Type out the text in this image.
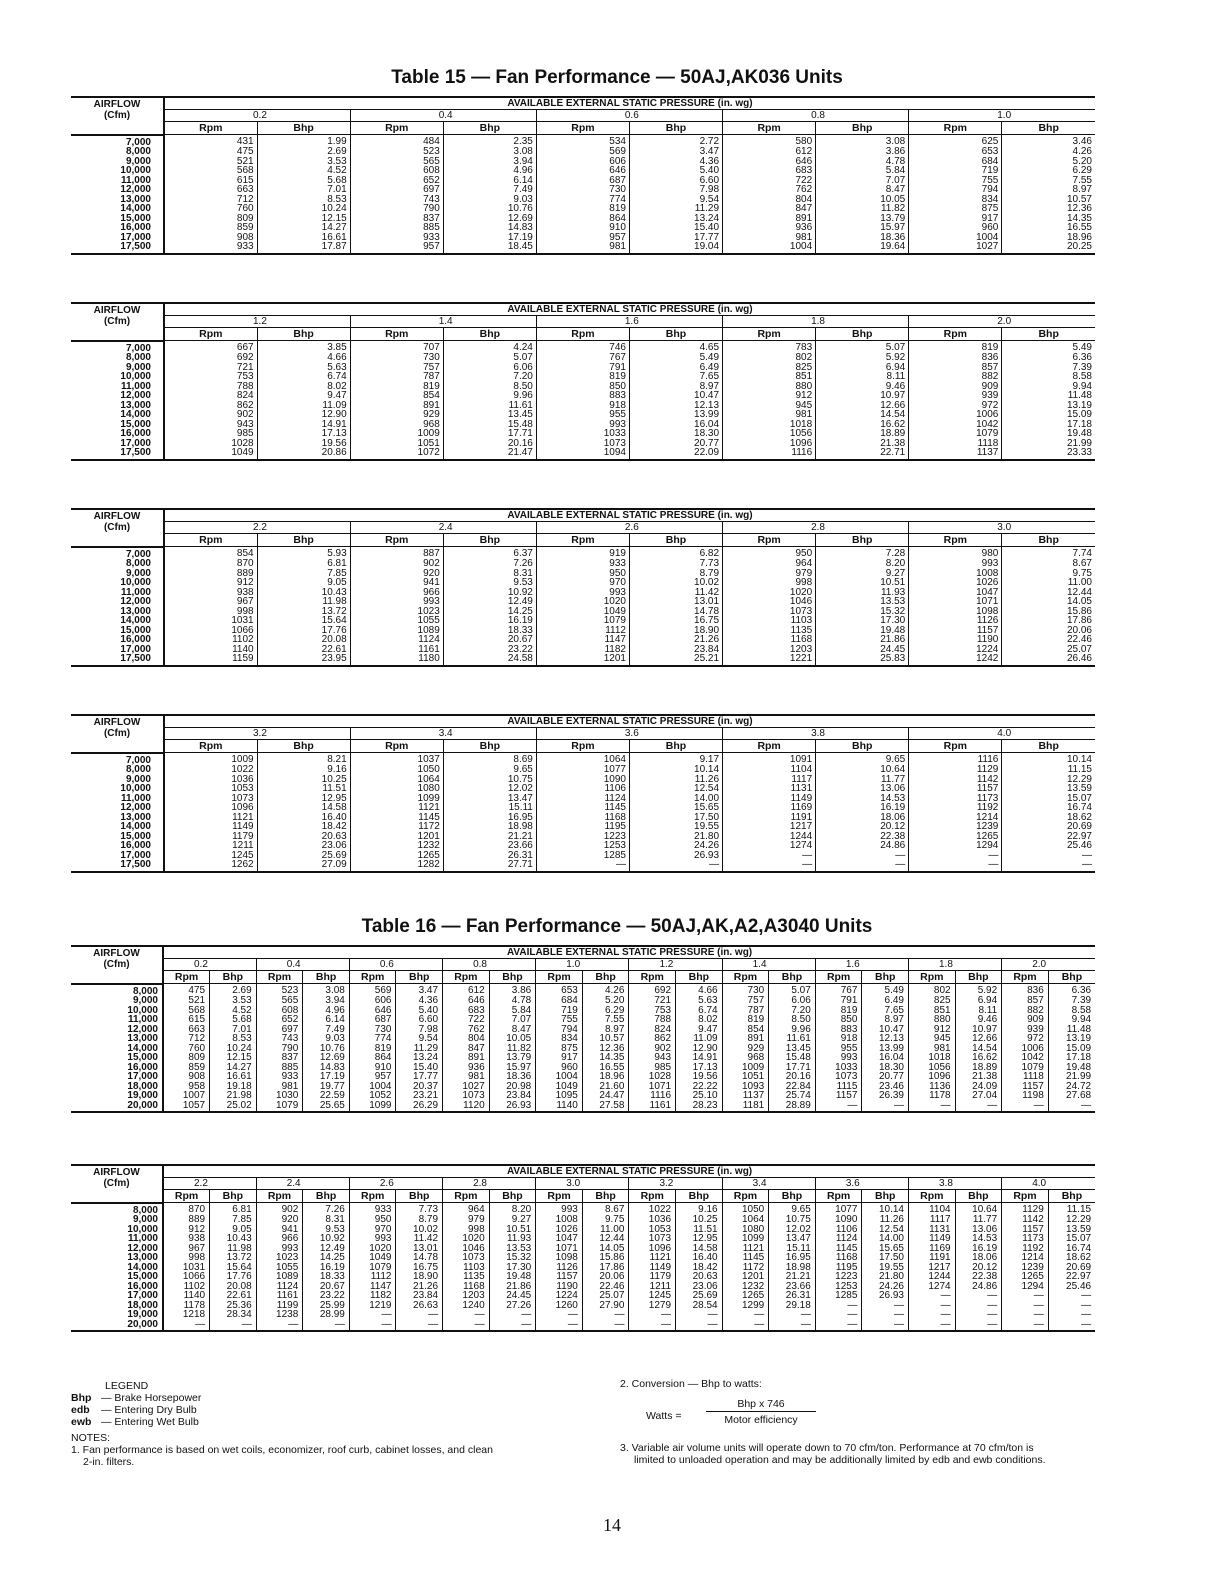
Table 15 — Fan Performance — 50AJ,AK036 Units
AIRFLOW
(Cfm)	AVAILABLE EXTERNAL STATIC PRESSURE (in. wg)									
	0.2		0.4		0.6		0.8		1.0	
	Rpm	Bhp	Rpm	Bhp	Rpm	Bhp	Rpm	Bhp	Rpm	Bhp
7,000	431	1.99	484	2.35	534	2.72	580	3.08	625	3.46
8,000	475	2.69	523	3.08	569	3.47	612	3.86	653	4.26
9,000	521	3.53	565	3.94	606	4.36	646	4.78	684	5.20
10,000	568	4.52	608	4.96	646	5.40	683	5.84	719	6.29
11,000	615	5.68	652	6.14	687	6.60	722	7.07	755	7.55
12,000	663	7.01	697	7.49	730	7.98	762	8.47	794	8.97
13,000	712	8.53	743	9.03	774	9.54	804	10.05	834	10.57
14,000	760	10.24	790	10.76	819	11.29	847	11.82	875	12.36
15,000	809	12.15	837	12.69	864	13.24	891	13.79	917	14.35
16,000	859	14.27	885	14.83	910	15.40	936	15.97	960	16.55
17,000	908	16.61	933	17.19	957	17.77	981	18.36	1004	18.96
17,500	933	17.87	957	18.45	981	19.04	1004	19.64	1027	20.25
AIRFLOW
(Cfm)	AVAILABLE EXTERNAL STATIC PRESSURE (in. wg)									
	1.2		1.4		1.6		1.8		2.0	
	Rpm	Bhp	Rpm	Bhp	Rpm	Bhp	Rpm	Bhp	Rpm	Bhp
7,000	667	3.85	707	4.24	746	4.65	783	5.07	819	5.49
8,000	692	4.66	730	5.07	767	5.49	802	5.92	836	6.36
9,000	721	5.63	757	6.06	791	6.49	825	6.94	857	7.39
10,000	753	6.74	787	7.20	819	7.65	851	8.11	882	8.58
11,000	788	8.02	819	8.50	850	8.97	880	9.46	909	9.94
12,000	824	9.47	854	9.96	883	10.47	912	10.97	939	11.48
13,000	862	11.09	891	11.61	918	12.13	945	12.66	972	13.19
14,000	902	12.90	929	13.45	955	13.99	981	14.54	1006	15.09
15,000	943	14.91	968	15.48	993	16.04	1018	16.62	1042	17.18
16,000	985	17.13	1009	17.71	1033	18.30	1056	18.89	1079	19.48
17,000	1028	19.56	1051	20.16	1073	20.77	1096	21.38	1118	21.99
17,500	1049	20.86	1072	21.47	1094	22.09	1116	22.71	1137	23.33
AIRFLOW
(Cfm)	AVAILABLE EXTERNAL STATIC PRESSURE (in. wg)									
	2.2		2.4		2.6		2.8		3.0	
	Rpm	Bhp	Rpm	Bhp	Rpm	Bhp	Rpm	Bhp	Rpm	Bhp
7,000	854	5.93	887	6.37	919	6.82	950	7.28	980	7.74
8,000	870	6.81	902	7.26	933	7.73	964	8.20	993	8.67
9,000	889	7.85	920	8.31	950	8.79	979	9.27	1008	9.75
10,000	912	9.05	941	9.53	970	10.02	998	10.51	1026	11.00
11,000	938	10.43	966	10.92	993	11.42	1020	11.93	1047	12.44
12,000	967	11.98	993	12.49	1020	13.01	1046	13.53	1071	14.05
13,000	998	13.72	1023	14.25	1049	14.78	1073	15.32	1098	15.86
14,000	1031	15.64	1055	16.19	1079	16.75	1103	17.30	1126	17.86
15,000	1066	17.76	1089	18.33	1112	18.90	1135	19.48	1157	20.06
16,000	1102	20.08	1124	20.67	1147	21.26	1168	21.86	1190	22.46
17,000	1140	22.61	1161	23.22	1182	23.84	1203	24.45	1224	25.07
17,500	1159	23.95	1180	24.58	1201	25.21	1221	25.83	1242	26.46
AIRFLOW
(Cfm)	AVAILABLE EXTERNAL STATIC PRESSURE (in. wg)									
	3.2		3.4		3.6		3.8		4.0	
	Rpm	Bhp	Rpm	Bhp	Rpm	Bhp	Rpm	Bhp	Rpm	Bhp
7,000	1009	8.21	1037	8.69	1064	9.17	1091	9.65	1116	10.14
8,000	1022	9.16	1050	9.65	1077	10.14	1104	10.64	1129	11.15
9,000	1036	10.25	1064	10.75	1090	11.26	1117	11.77	1142	12.29
10,000	1053	11.51	1080	12.02	1106	12.54	1131	13.06	1157	13.59
11,000	1073	12.95	1099	13.47	1124	14.00	1149	14.53	1173	15.07
12,000	1096	14.58	1121	15.11	1145	15.65	1169	16.19	1192	16.74
13,000	1121	16.40	1145	16.95	1168	17.50	1191	18.06	1214	18.62
14,000	1149	18.42	1172	18.98	1195	19.55	1217	20.12	1239	20.69
15,000	1179	20.63	1201	21.21	1223	21.80	1244	22.38	1265	22.97
16,000	1211	23.06	1232	23.66	1253	24.26	1274	24.86	1294	25.46
17,000	1245	25.69	1265	26.31	1285	26.93	—	—	—	—
17,500	1262	27.09	1282	27.71	—	—	—	—	—	—
Table 16 — Fan Performance — 50AJ,AK,A2,A3040 Units
AIRFLOW
(Cfm)	AVAILABLE EXTERNAL STATIC PRESSURE (in. wg)																			
	0.2		0.4		0.6		0.8		1.0		1.2		1.4		1.6		1.8		2.0	
	Rpm	Bhp	Rpm	Bhp	Rpm	Bhp	Rpm	Bhp	Rpm	Bhp	Rpm	Bhp	Rpm	Bhp	Rpm	Bhp	Rpm	Bhp	Rpm	Bhp
8,000	475	2.69	523	3.08	569	3.47	612	3.86	653	4.26	692	4.66	730	5.07	767	5.49	802	5.92	836	6.36
9,000	521	3.53	565	3.94	606	4.36	646	4.78	684	5.20	721	5.63	757	6.06	791	6.49	825	6.94	857	7.39
10,000	568	4.52	608	4.96	646	5.40	683	5.84	719	6.29	753	6.74	787	7.20	819	7.65	851	8.11	882	8.58
11,000	615	5.68	652	6.14	687	6.60	722	7.07	755	7.55	788	8.02	819	8.50	850	8.97	880	9.46	909	9.94
12,000	663	7.01	697	7.49	730	7.98	762	8.47	794	8.97	824	9.47	854	9.96	883	10.47	912	10.97	939	11.48
13,000	712	8.53	743	9.03	774	9.54	804	10.05	834	10.57	862	11.09	891	11.61	918	12.13	945	12.66	972	13.19
14,000	760	10.24	790	10.76	819	11.29	847	11.82	875	12.36	902	12.90	929	13.45	955	13.99	981	14.54	1006	15.09
15,000	809	12.15	837	12.69	864	13.24	891	13.79	917	14.35	943	14.91	968	15.48	993	16.04	1018	16.62	1042	17.18
16,000	859	14.27	885	14.83	910	15.40	936	15.97	960	16.55	985	17.13	1009	17.71	1033	18.30	1056	18.89	1079	19.48
17,000	908	16.61	933	17.19	957	17.77	981	18.36	1004	18.96	1028	19.56	1051	20.16	1073	20.77	1096	21.38	1118	21.99
18,000	958	19.18	981	19.77	1004	20.37	1027	20.98	1049	21.60	1071	22.22	1093	22.84	1115	23.46	1136	24.09	1157	24.72
19,000	1007	21.98	1030	22.59	1052	23.21	1073	23.84	1095	24.47	1116	25.10	1137	25.74	1157	26.39	1178	27.04	1198	27.68
20,000	1057	25.02	1079	25.65	1099	26.29	1120	26.93	1140	27.58	1161	28.23	1181	28.89	—	—	—	—	—	—
AIRFLOW
(Cfm)	AVAILABLE EXTERNAL STATIC PRESSURE (in. wg)																			
	2.2		2.4		2.6		2.8		3.0		3.2		3.4		3.6		3.8		4.0	
	Rpm	Bhp	Rpm	Bhp	Rpm	Bhp	Rpm	Bhp	Rpm	Bhp	Rpm	Bhp	Rpm	Bhp	Rpm	Bhp	Rpm	Bhp	Rpm	Bhp
8,000	870	6.81	902	7.26	933	7.73	964	8.20	993	8.67	1022	9.16	1050	9.65	1077	10.14	1104	10.64	1129	11.15
9,000	889	7.85	920	8.31	950	8.79	979	9.27	1008	9.75	1036	10.25	1064	10.75	1090	11.26	1117	11.77	1142	12.29
10,000	912	9.05	941	9.53	970	10.02	998	10.51	1026	11.00	1053	11.51	1080	12.02	1106	12.54	1131	13.06	1157	13.59
11,000	938	10.43	966	10.92	993	11.42	1020	11.93	1047	12.44	1073	12.95	1099	13.47	1124	14.00	1149	14.53	1173	15.07
12,000	967	11.98	993	12.49	1020	13.01	1046	13.53	1071	14.05	1096	14.58	1121	15.11	1145	15.65	1169	16.19	1192	16.74
13,000	998	13.72	1023	14.25	1049	14.78	1073	15.32	1098	15.86	1121	16.40	1145	16.95	1168	17.50	1191	18.06	1214	18.62
14,000	1031	15.64	1055	16.19	1079	16.75	1103	17.30	1126	17.86	1149	18.42	1172	18.98	1195	19.55	1217	20.12	1239	20.69
15,000	1066	17.76	1089	18.33	1112	18.90	1135	19.48	1157	20.06	1179	20.63	1201	21.21	1223	21.80	1244	22.38	1265	22.97
16,000	1102	20.08	1124	20.67	1147	21.26	1168	21.86	1190	22.46	1211	23.06	1232	23.66	1253	24.26	1274	24.86	1294	25.46
17,000	1140	22.61	1161	23.22	1182	23.84	1203	24.45	1224	25.07	1245	25.69	1265	26.31	1285	26.93	—	—	—	—
18,000	1178	25.36	1199	25.99	1219	26.63	1240	27.26	1260	27.90	1279	28.54	1299	29.18	—	—	—	—	—	—
19,000	1218	28.34	1238	28.99	—	—	—	—	—	—	—	—	—	—	—	—	—	—	—	—
20,000	—	—	—	—	—	—	—	—	—	—	—	—	—	—	—	—	—	—	—	—
LEGEND
Bhp — Brake Horsepower
edb — Entering Dry Bulb
ewb — Entering Wet Bulb
NOTES:
1. Fan performance is based on wet coils, economizer, roof curb, cabinet losses, and clean
2-in. filters.
2. Conversion — Bhp to watts:
Watts =
Bhp x 746
Motor efficiency
3. Variable air volume units will operate down to 70 cfm/ton. Performance at 70 cfm/ton is
limited to unloaded operation and may be additionally limited by edb and ewb conditions.
14
